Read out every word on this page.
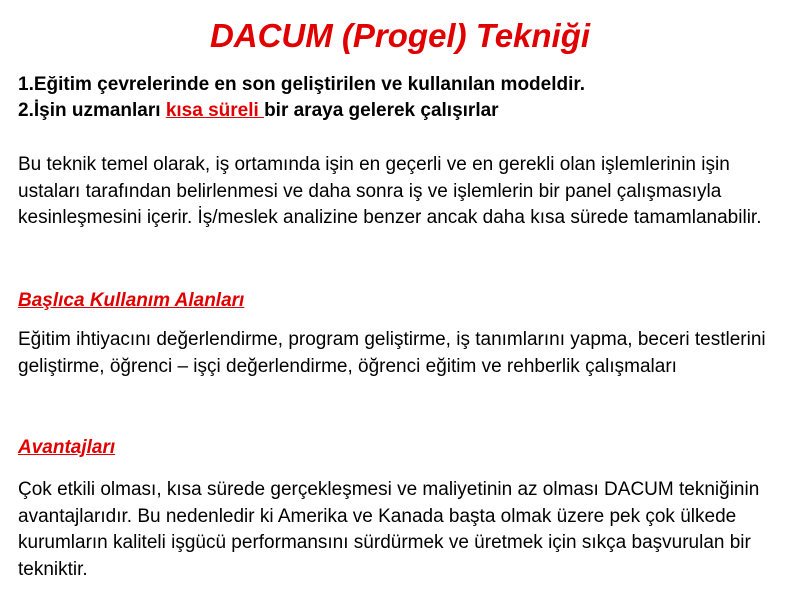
DACUM (Progel) Tekniği
1.Eğitim çevrelerinde en son geliştirilen ve kullanılan modeldir.
2.İşin uzmanları kısa süreli bir araya gelerek çalışırlar
Bu teknik temel olarak, iş ortamında işin en geçerli ve en gerekli olan işlemlerinin işin ustaları tarafından belirlenmesi ve daha sonra iş ve işlemlerin bir panel çalışmasıyla kesinleşmesini içerir. İş/meslek analizine benzer ancak daha kısa sürede tamamlanabilir.
Başlıca Kullanım Alanları
Eğitim ihtiyacını değerlendirme, program geliştirme, iş tanımlarını yapma, beceri testlerini geliştirme, öğrenci – işçi değerlendirme, öğrenci eğitim ve rehberlik çalışmaları
Avantajları
Çok etkili olması, kısa sürede gerçekleşmesi ve maliyetinin az olması DACUM tekniğinin avantajlarıdır. Bu nedenledir ki Amerika ve Kanada başta olmak üzere pek çok ülkede kurumların kaliteli işgücü performansını sürdürmek ve üretmek için sıkça başvurulan bir tekniktir.
